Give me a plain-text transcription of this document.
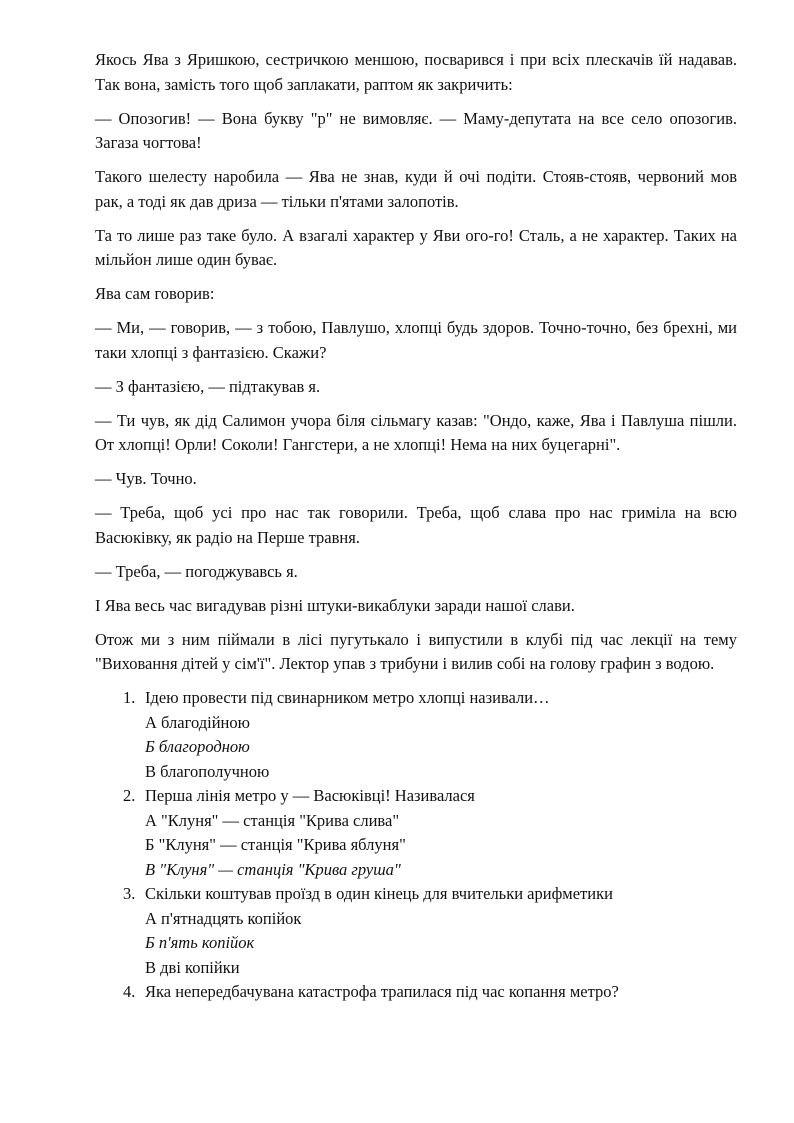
Якось Ява з Яришкою, сестричкою меншою, посварився і при всіх плескачів їй надавав. Так вона, замість того щоб заплакати, раптом як закричить:

— Опозогив! — Вона букву "р" не вимовляє. — Маму-депутата на все село опозогив. Загаза чогтова!

Такого шелесту наробила — Ява не знав, куди й очі подіти. Стояв-стояв, червоний мов рак, а тоді як дав дриза — тільки п'ятами залопотів.

Та то лише раз таке було. А взагалі характер у Яви ого-го! Сталь, а не характер. Таких на мільйон лише один буває.

Ява сам говорив:

— Ми, — говорив, — з тобою, Павлушо, хлопці будь здоров. Точно-точно, без брехні, ми таки хлопці з фантазією. Скажи?

— З фантазією, — підтакував я.

— Ти чув, як дід Салимон учора біля сільмагу казав: "Ондо, каже, Ява і Павлуша пішли. От хлопці! Орли! Соколи! Гангстери, а не хлопці! Нема на них буцегарні".

— Чув. Точно.

— Треба, щоб усі про нас так говорили. Треба, щоб слава про нас гриміла на всю Васюківку, як радіо на Перше травня.

— Треба, — погоджувавсь я.

І Ява весь час вигадував різні штуки-викаблуки заради нашої слави.

Отож ми з ним піймали в лісі пугутькало і випустили в клубі під час лекції на тему "Виховання дітей у сім'ї". Лектор упав з трибуни і вилив собі на голову графин з водою.

1. Ідею провести під свинарником метро хлопці називали…
А благодійною
Б благородною
В благополучною
2. Перша лінія метро у — Васюківці! Називалася
А "Клуня" — станція "Крива слива"
Б "Клуня" — станція "Крива яблуня"
В "Клуня" — станція "Крива груша"
3. Скільки коштував проїзд в один кінець для вчительки арифметики
А п'ятнадцять копійок
Б п'ять копійок
В дві копійки
4. Яка непередбачувана катастрофа трапилася під час копання метро?
